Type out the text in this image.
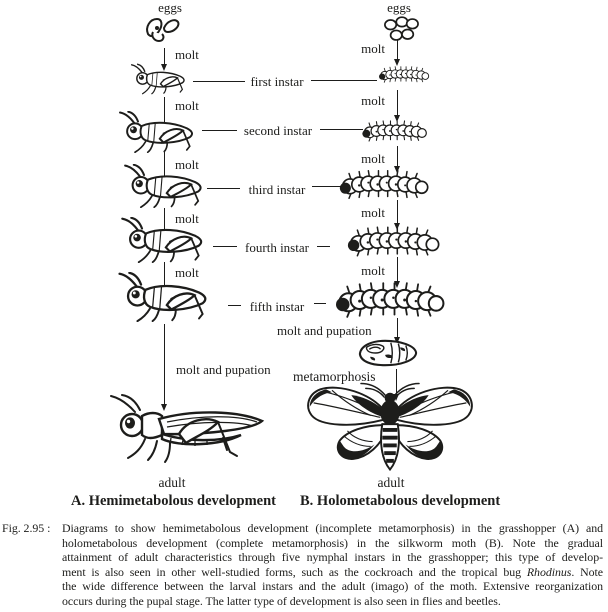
eggs
molt
molt
molt
molt
molt
molt and pupation
adult
A. Hemimetabolous development
first instar
second instar
third instar
fourth instar
fifth instar
eggs
molt
molt
molt
molt
molt
molt and pupation
metamorphosis
adult
B. Holometabolous development
Fig. 2.95 : Diagrams to show hemimetabolous development (incomplete metamorphosis) in the grasshopper (A) and
holometabolous development (complete metamorphosis) in the silkworm moth (B). Note the gradual
attainment of adult characteristics through five nymphal instars in the grasshopper; this type of develop-
ment is also seen in other well-studied forms, such as the cockroach and the tropical bug Rhodinus. Note
the wide difference between the larval instars and the adult (imago) of the moth. Extensive reorganization
occurs during the pupal stage. The latter type of development is also seen in flies and beetles.
